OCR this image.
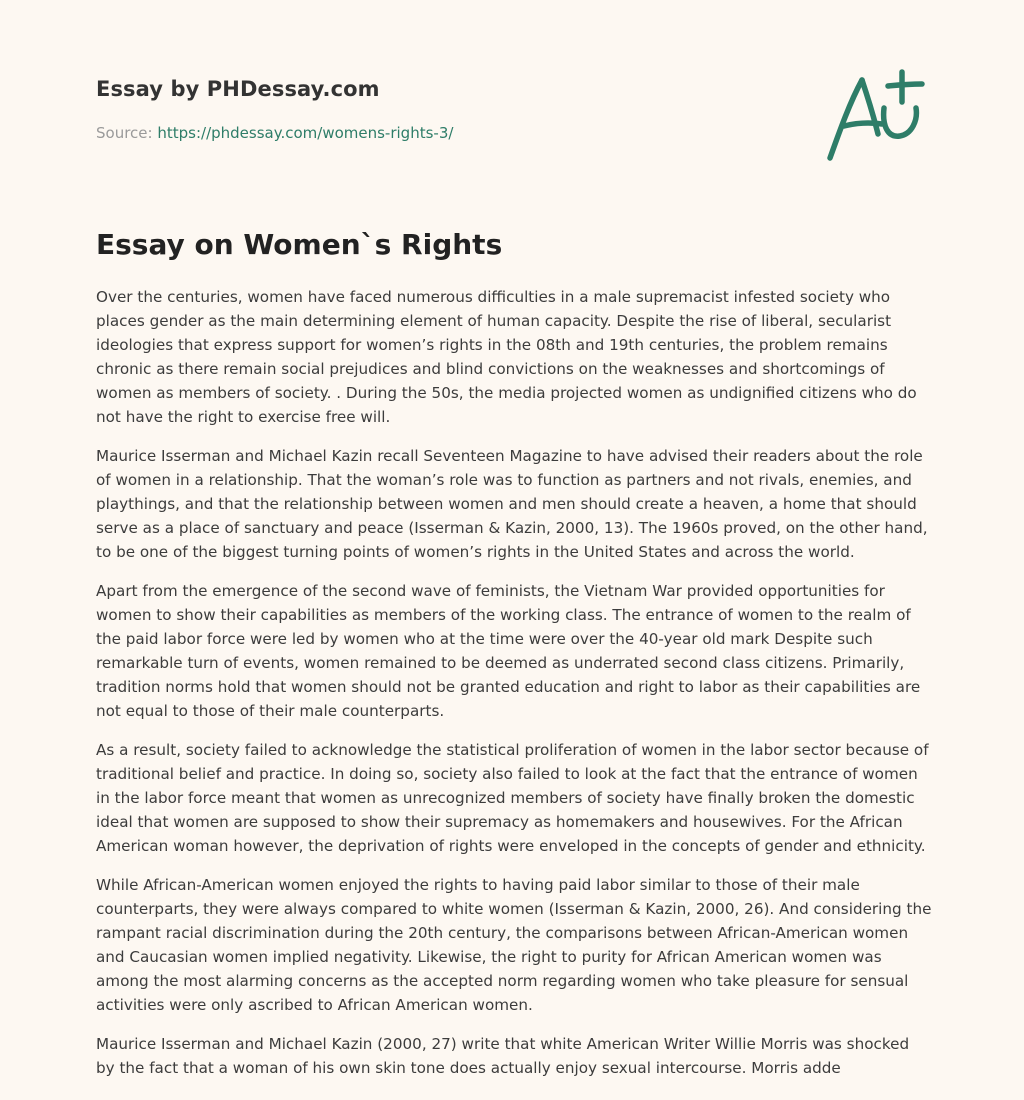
Essay by PHDessay.com
Source: https://phdessay.com/womens-rights-3/
Essay on Women`s Rights

Over the centuries, women have faced numerous difficulties in a male supremacist infested society who places gender as the main determining element of human capacity. Despite the rise of liberal, secularist ideologies that express support for women’s rights in the 08th and 19th centuries, the problem remains chronic as there remain social prejudices and blind convictions on the weaknesses and shortcomings of women as members of society. . During the 50s, the media projected women as undignified citizens who do not have the right to exercise free will.

Maurice Isserman and Michael Kazin recall Seventeen Magazine to have advised their readers about the role of women in a relationship. That the woman’s role was to function as partners and not rivals, enemies, and playthings, and that the relationship between women and men should create a heaven, a home that should serve as a place of sanctuary and peace (Isserman & Kazin, 2000, 13). The 1960s proved, on the other hand, to be one of the biggest turning points of women’s rights in the United States and across the world.

Apart from the emergence of the second wave of feminists, the Vietnam War provided opportunities for women to show their capabilities as members of the working class. The entrance of women to the realm of the paid labor force were led by women who at the time were over the 40-year old mark Despite such remarkable turn of events, women remained to be deemed as underrated second class citizens. Primarily, tradition norms hold that women should not be granted education and right to labor as their capabilities are not equal to those of their male counterparts.

As a result, society failed to acknowledge the statistical proliferation of women in the labor sector because of traditional belief and practice. In doing so, society also failed to look at the fact that the entrance of women in the labor force meant that women as unrecognized members of society have finally broken the domestic ideal that women are supposed to show their supremacy as homemakers and housewives. For the African American woman however, the deprivation of rights were enveloped in the concepts of gender and ethnicity.

While African-American women enjoyed the rights to having paid labor similar to those of their male counterparts, they were always compared to white women (Isserman & Kazin, 2000, 26). And considering the rampant racial discrimination during the 20th century, the comparisons between African-American women and Caucasian women implied negativity. Likewise, the right to purity for African American women was among the most alarming concerns as the accepted norm regarding women who take pleasure for sensual activities were only ascribed to African American women.

Maurice Isserman and Michael Kazin (2000, 27) write that white American Writer Willie Morris was shocked by the fact that a woman of his own skin tone does actually enjoy sexual intercourse. Morris adde
